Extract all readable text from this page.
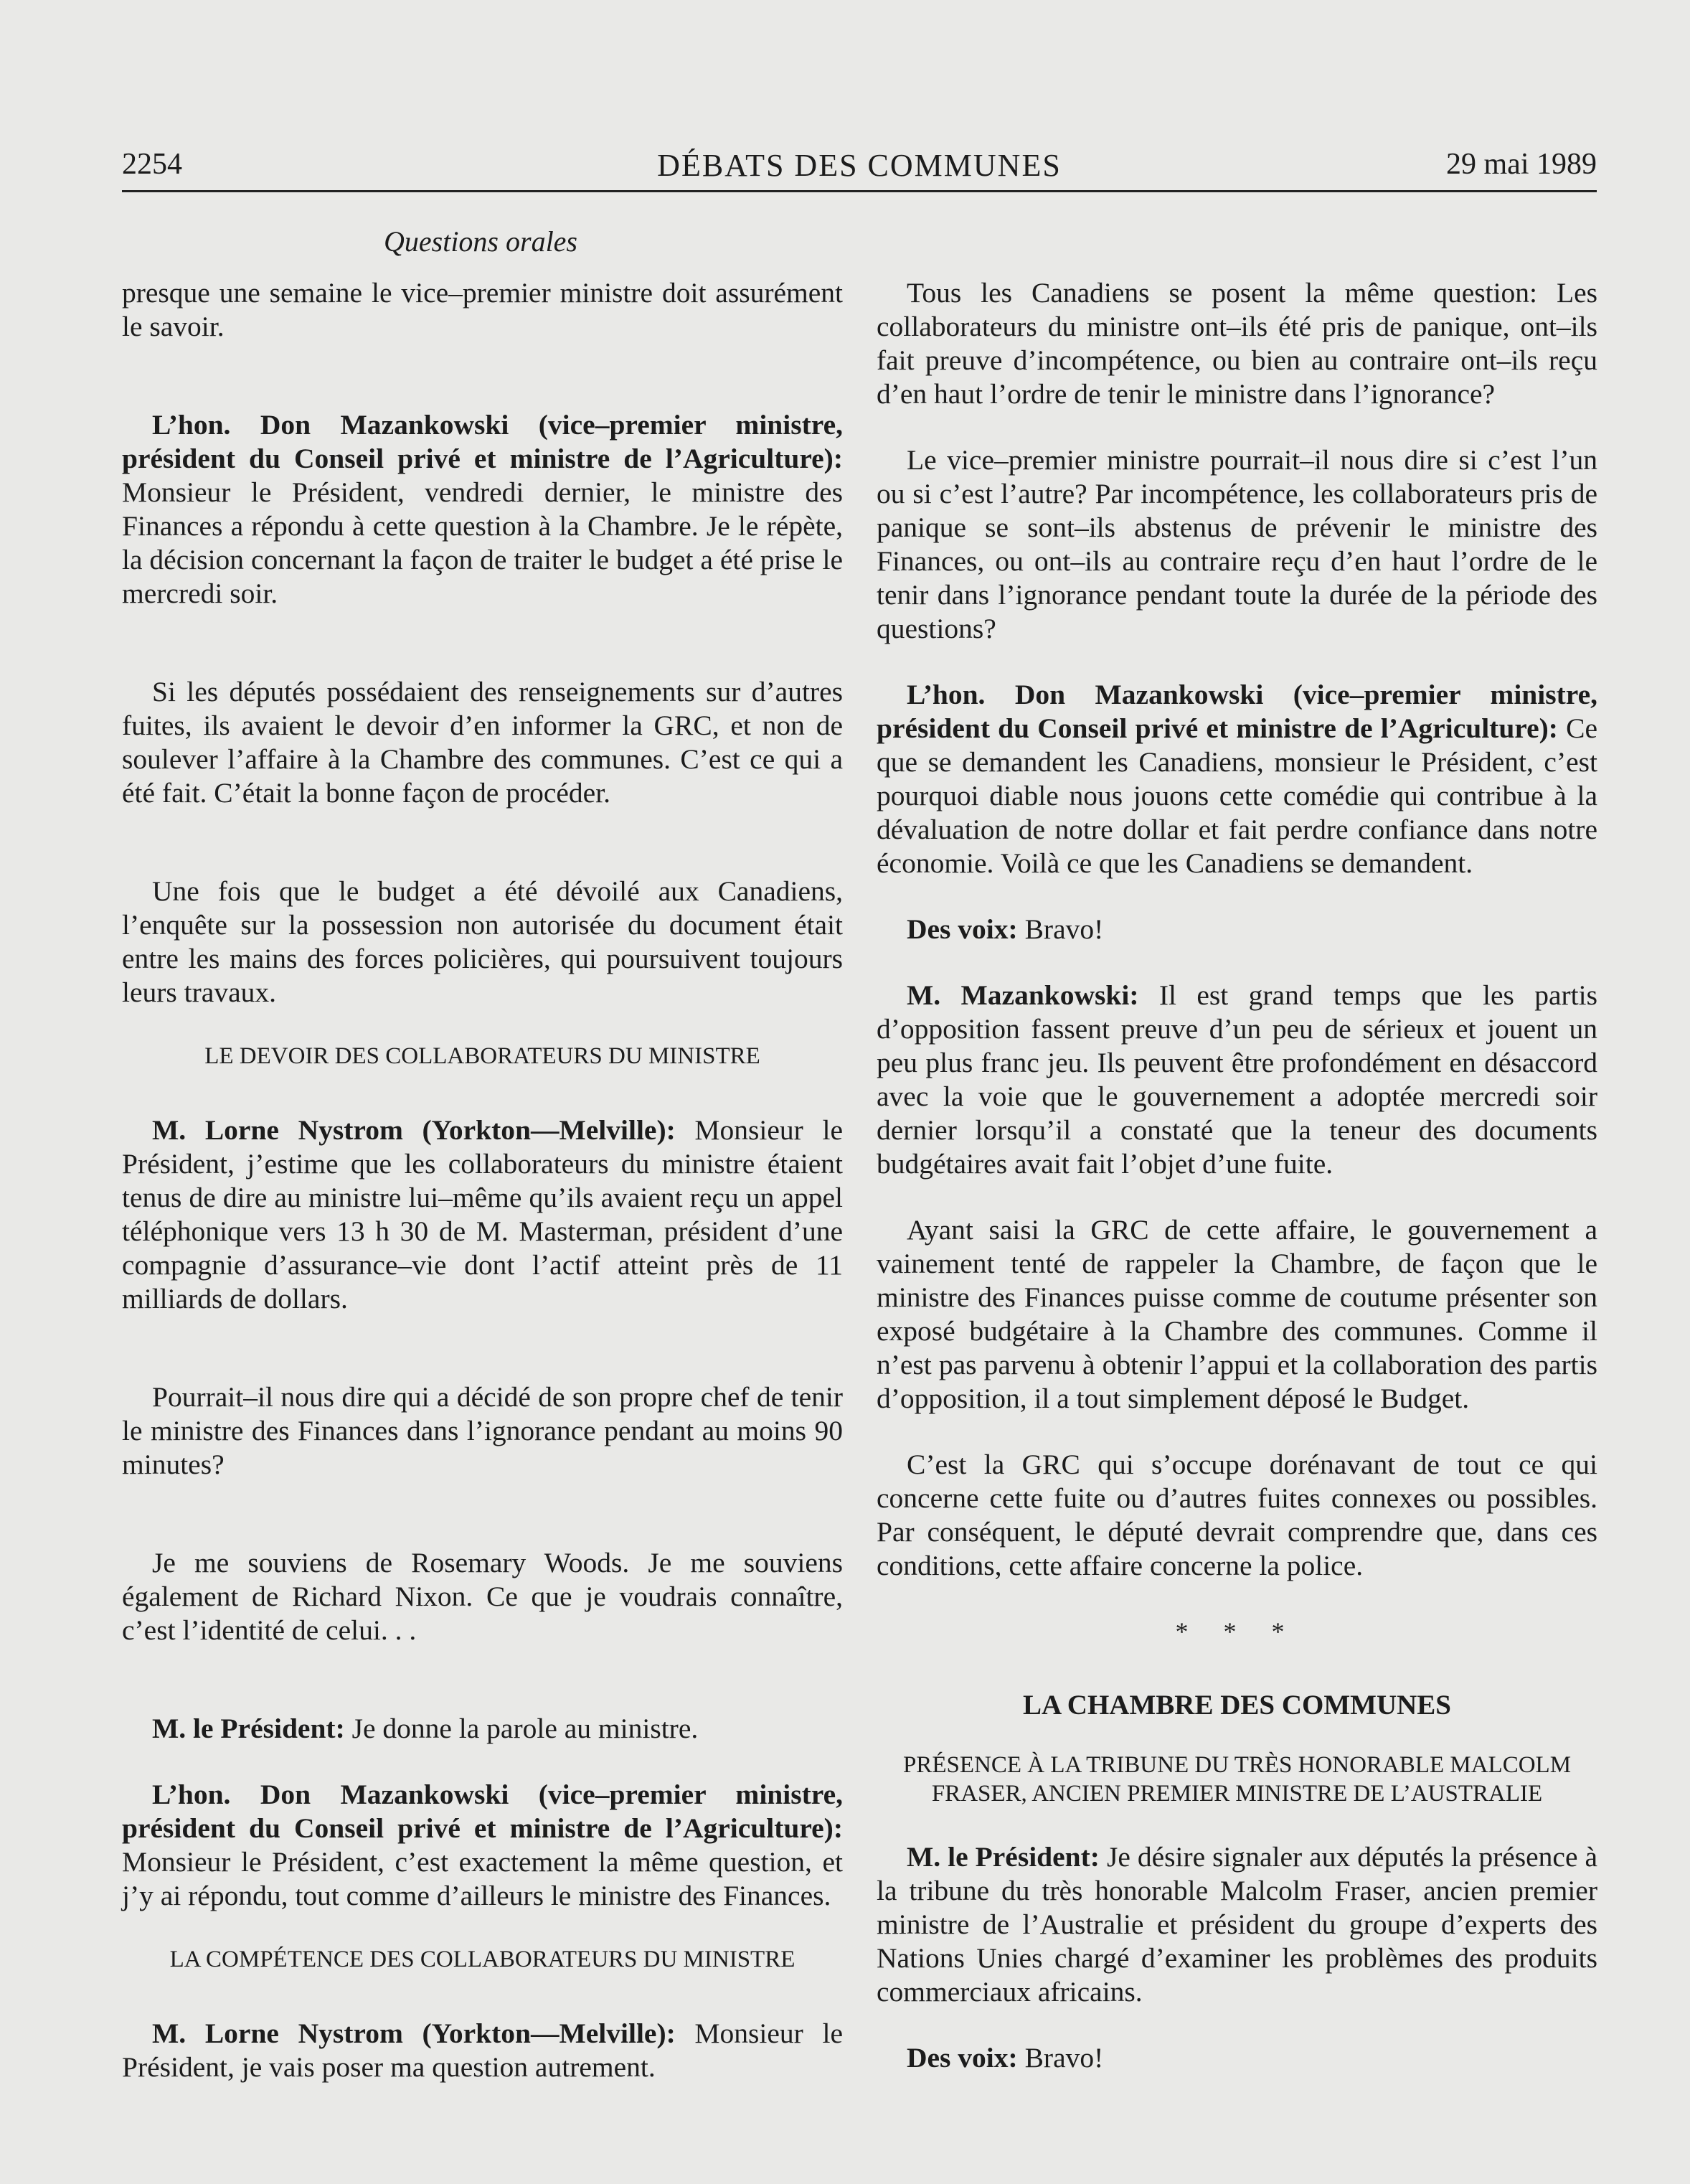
2254	DÉBATS DES COMMUNES	29 mai 1989
Questions orales

presque une semaine le vice–premier ministre doit assurément le savoir.

L’hon. Don Mazankowski (vice–premier ministre, président du Conseil privé et ministre de l’Agriculture): Monsieur le Président, vendredi dernier, le ministre des Finances a répondu à cette question à la Chambre. Je le répète, la décision concernant la façon de traiter le budget a été prise le mercredi soir.

Si les députés possédaient des renseignements sur d’autres fuites, ils avaient le devoir d’en informer la GRC, et non de soulever l’affaire à la Chambre des communes. C’est ce qui a été fait. C’était la bonne façon de procéder.

Une fois que le budget a été dévoilé aux Canadiens, l’enquête sur la possession non autorisée du document était entre les mains des forces policières, qui poursuivent toujours leurs travaux.

LE DEVOIR DES COLLABORATEURS DU MINISTRE

M. Lorne Nystrom (Yorkton—Melville): Monsieur le Président, j’estime que les collaborateurs du ministre étaient tenus de dire au ministre lui–même qu’ils avaient reçu un appel téléphonique vers 13 h 30 de M. Masterman, président d’une compagnie d’assurance–vie dont l’actif atteint près de 11 milliards de dollars.

Pourrait–il nous dire qui a décidé de son propre chef de tenir le ministre des Finances dans l’ignorance pendant au moins 90 minutes?

Je me souviens de Rosemary Woods. Je me souviens également de Richard Nixon. Ce que je voudrais connaître, c’est l’identité de celui. . .

M. le Président: Je donne la parole au ministre.

L’hon. Don Mazankowski (vice–premier ministre, président du Conseil privé et ministre de l’Agriculture): Monsieur le Président, c’est exactement la même question, et j’y ai répondu, tout comme d’ailleurs le ministre des Finances.

LA COMPÉTENCE DES COLLABORATEURS DU MINISTRE

M. Lorne Nystrom (Yorkton—Melville): Monsieur le Président, je vais poser ma question autrement.

Tous les Canadiens se posent la même question: Les collaborateurs du ministre ont–ils été pris de panique, ont–ils fait preuve d’incompétence, ou bien au contraire ont–ils reçu d’en haut l’ordre de tenir le ministre dans l’ignorance?

Le vice–premier ministre pourrait–il nous dire si c’est l’un ou si c’est l’autre? Par incompétence, les collaborateurs pris de panique se sont–ils abstenus de prévenir le ministre des Finances, ou ont–ils au contraire reçu d’en haut l’ordre de le tenir dans l’ignorance pendant toute la durée de la période des questions?

L’hon. Don Mazankowski (vice–premier ministre, président du Conseil privé et ministre de l’Agriculture): Ce que se demandent les Canadiens, monsieur le Président, c’est pourquoi diable nous jouons cette comédie qui contribue à la dévaluation de notre dollar et fait perdre confiance dans notre économie. Voilà ce que les Canadiens se demandent.

Des voix: Bravo!

M. Mazankowski: Il est grand temps que les partis d’opposition fassent preuve d’un peu de sérieux et jouent un peu plus franc jeu. Ils peuvent être profondément en désaccord avec la voie que le gouvernement a adoptée mercredi soir dernier lorsqu’il a constaté que la teneur des documents budgétaires avait fait l’objet d’une fuite.

Ayant saisi la GRC de cette affaire, le gouvernement a vainement tenté de rappeler la Chambre, de façon que le ministre des Finances puisse comme de coutume présenter son exposé budgétaire à la Chambre des communes. Comme il n’est pas parvenu à obtenir l’appui et la collaboration des partis d’opposition, il a tout simplement déposé le Budget.

C’est la GRC qui s’occupe dorénavant de tout ce qui concerne cette fuite ou d’autres fuites connexes ou possibles. Par conséquent, le député devrait comprendre que, dans ces conditions, cette affaire concerne la police.

* * *
LA CHAMBRE DES COMMUNES
PRÉSENCE À LA TRIBUNE DU TRÈS HONORABLE MALCOLM FRASER, ANCIEN PREMIER MINISTRE DE L’AUSTRALIE

M. le Président: Je désire signaler aux députés la présence à la tribune du très honorable Malcolm Fraser, ancien premier ministre de l’Australie et président du groupe d’experts des Nations Unies chargé d’examiner les problèmes des produits commerciaux africains.

Des voix: Bravo!
